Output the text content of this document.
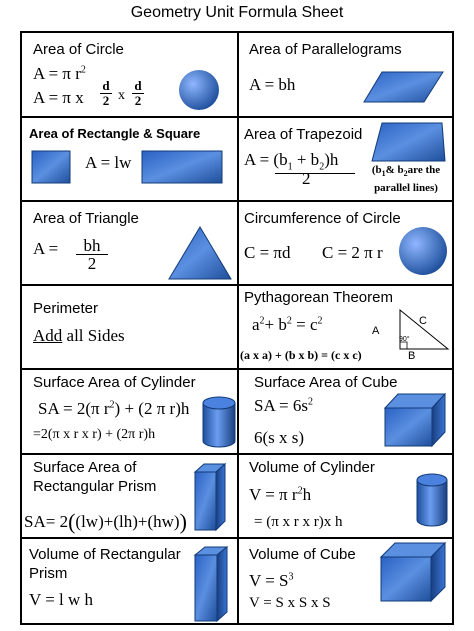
Geometry Unit Formula Sheet
Area of Circle
A = π $r^2$
A = π x
d
2 x
d
2
Area of Parallelograms
A = bh
Area of Rectangle & Square
A = lw
Area of Trapezoid
$A = (b_1 + b_2)h$
2	($b_1\&$ $b_2are$ the
parallel lines)
Area of Triangle
A =	bh
2
Circumference of Circle
C = πd C = 2 π r
Perimeter
Add all Sides
Pythagorean Theorem
$a^2+ b^2 = c^2$
A
B
C
90°
(a x a) + (b x b) = (c x c)
Surface Area of Cylinder
SA = 2(π $r^2) + (2$ π r)h
=2(π x r x r) + (2π r)h
Surface Area of Cube
SA = $6s^2$
6(s x s)
Surface Area of
Rectangular Prism
SA= 2((lw)+(lh)+(hw))
Volume of Cylinder
V = π $r^2h$
= (π x r x r)x h
Volume of Rectangular
Prism
V = l w h
Volume of Cube
$V = S^3$
V = S x S x S
